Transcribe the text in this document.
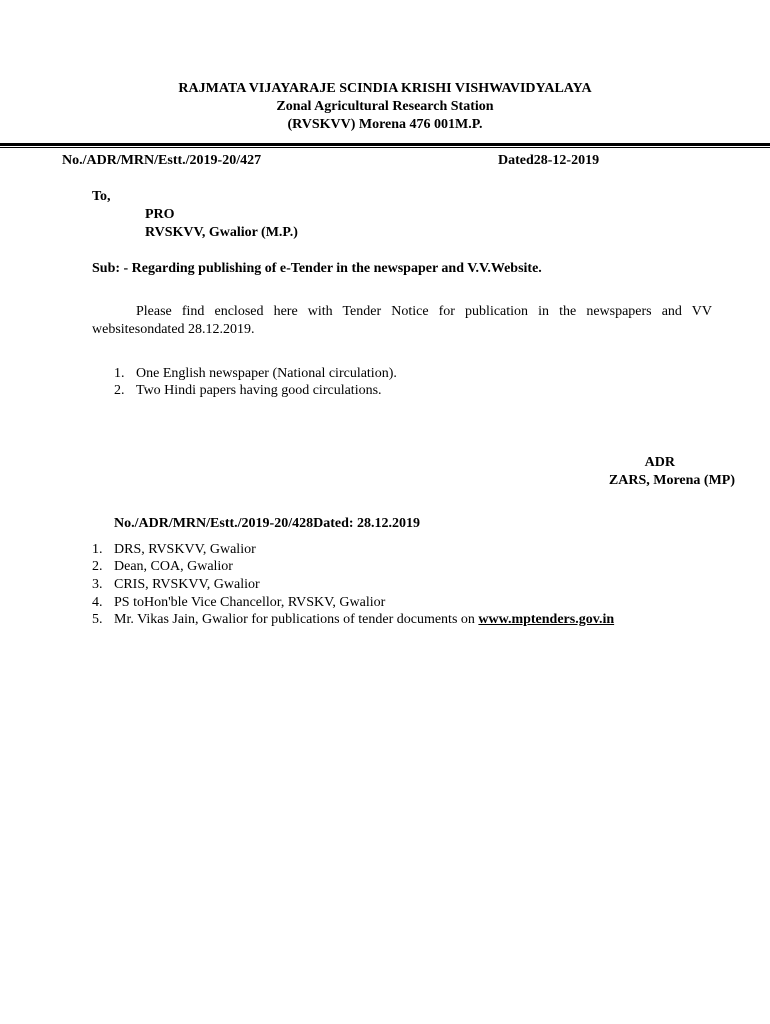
RAJMATA VIJAYARAJE SCINDIA KRISHI VISHWAVIDYALAYA
Zonal Agricultural Research Station
(RVSKVV) Morena 476 001M.P.
No./ADR/MRN/Estt./2019-20/427	Dated28-12-2019
To,
PRO
RVSKVV, Gwalior (M.P.)
Sub: - Regarding publishing of e-Tender in the newspaper and V.V.Website.
Please find enclosed here with Tender Notice for publication in the newspapers and VV websitesondated 28.12.2019.
1. One English newspaper (National circulation).
2. Two Hindi papers having good circulations.
ADR
ZARS, Morena (MP)
No./ADR/MRN/Estt./2019-20/428Dated: 28.12.2019
1. DRS, RVSKVV, Gwalior
2. Dean, COA, Gwalior
3. CRIS, RVSKVV, Gwalior
4. PS toHon'ble Vice Chancellor, RVSKV, Gwalior
5. Mr. Vikas Jain, Gwalior for publications of tender documents on www.mptenders.gov.in
